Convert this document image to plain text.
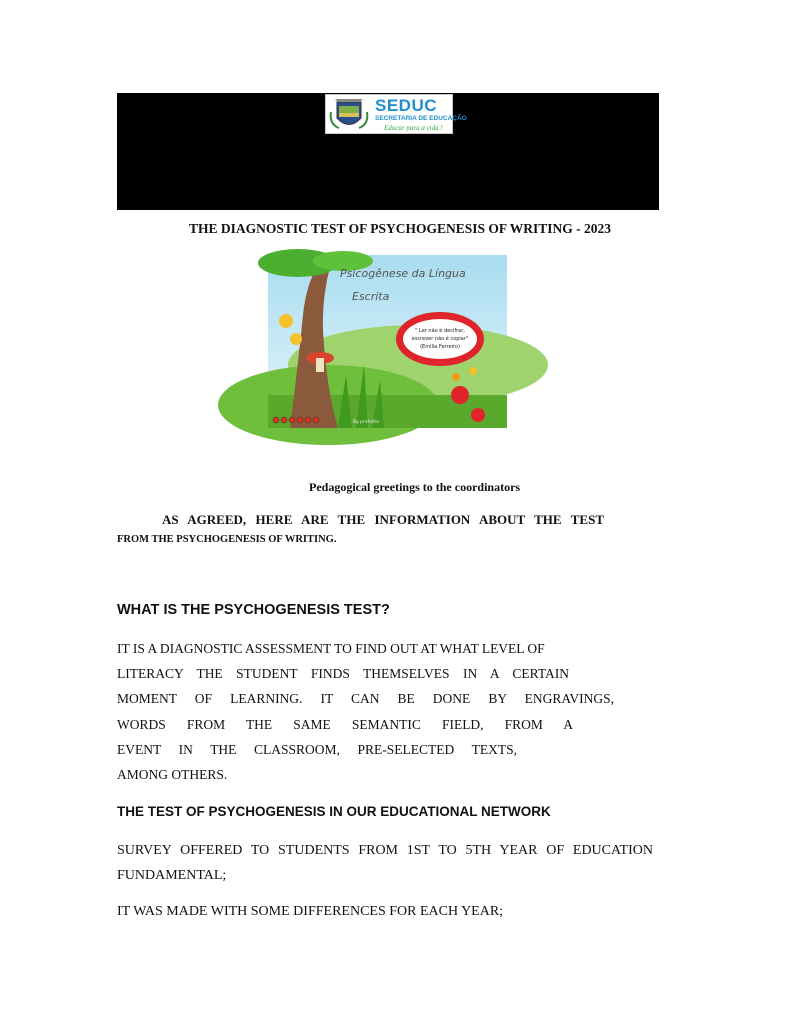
SEDUC
SECRETARIA DE EDUCAÇÃO
Educar para a vida !
THE DIAGNOSTIC TEST OF PSYCHOGENESIS OF WRITING - 2023
Psicogênese da Língua
Escrita
" Ler não é decifrar,
escrever não é copiar"
(Emília Ferreiro)
By profelita
Pedagogical greetings to the coordinators
AS AGREED, HERE ARE THE INFORMATION ABOUT THE TEST
FROM THE PSYCHOGENESIS OF WRITING.
WHAT IS THE PSYCHOGENESIS TEST?
IT IS A DIAGNOSTIC ASSESSMENT TO FIND OUT AT WHAT LEVEL OF
LITERACY THE STUDENT FINDS THEMSELVES IN A CERTAIN
MOMENT OF LEARNING. IT CAN BE DONE BY ENGRAVINGS,
WORDS FROM THE SAME SEMANTIC FIELD, FROM A
EVENT IN THE CLASSROOM, PRE-SELECTED TEXTS,
AMONG OTHERS.
THE TEST OF PSYCHOGENESIS IN OUR EDUCATIONAL NETWORK
SURVEY OFFERED TO STUDENTS FROM 1ST TO 5TH YEAR OF EDUCATION
FUNDAMENTAL;
IT WAS MADE WITH SOME DIFFERENCES FOR EACH YEAR;
